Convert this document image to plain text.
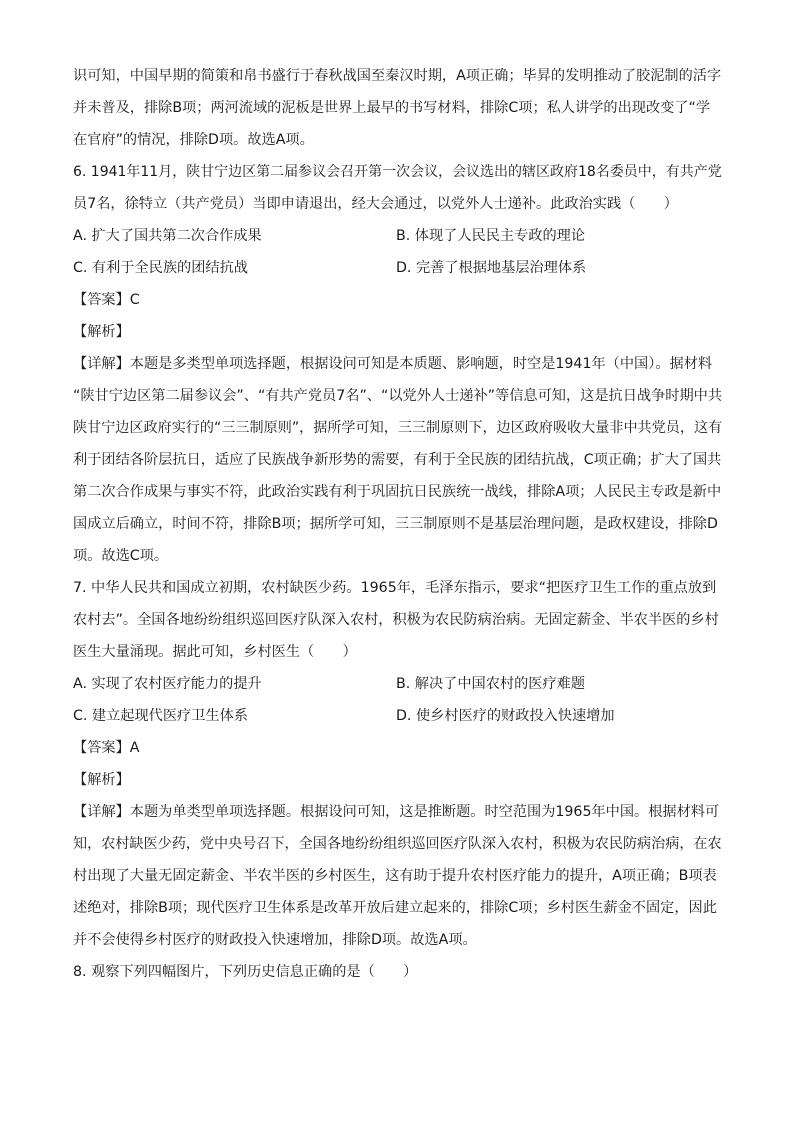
识可知，中国早期的简策和帛书盛行于春秋战国至秦汉时期，A项正确；毕昇的发明推动了胶泥制的活字
并未普及，排除B项；两河流域的泥板是世界上最早的书写材料，排除C项；私人讲学的出现改变了“学
在官府”的情况，排除D项。故选A项。
6. 1941年11月，陕甘宁边区第二届参议会召开第一次会议，会议选出的辖区政府18名委员中，有共产党
员7名，徐特立（共产党员）当即申请退出，经大会通过，以党外人士递补。此政治实践（　　）
A. 扩大了国共第二次合作成果	B. 体现了人民民主专政的理论
C. 有利于全民族的团结抗战	D. 完善了根据地基层治理体系
【答案】C
【解析】
【详解】本题是多类型单项选择题，根据设问可知是本质题、影响题，时空是1941年（中国）。据材料
“陕甘宁边区第二届参议会”、“有共产党员7名”、“以党外人士递补”等信息可知，这是抗日战争时期中共
陕甘宁边区政府实行的“三三制原则”，据所学可知，三三制原则下，边区政府吸收大量非中共党员，这有
利于团结各阶层抗日，适应了民族战争新形势的需要，有利于全民族的团结抗战，C项正确；扩大了国共
第二次合作成果与事实不符，此政治实践有利于巩固抗日民族统一战线，排除A项；人民民主专政是新中
国成立后确立，时间不符，排除B项；据所学可知，三三制原则不是基层治理问题，是政权建设，排除D
项。故选C项。
7. 中华人民共和国成立初期，农村缺医少药。1965年，毛泽东指示，要求“把医疗卫生工作的重点放到
农村去”。全国各地纷纷组织巡回医疗队深入农村，积极为农民防病治病。无固定薪金、半农半医的乡村
医生大量涌现。据此可知，乡村医生（　　）
A. 实现了农村医疗能力的提升	B. 解决了中国农村的医疗难题
C. 建立起现代医疗卫生体系	D. 使乡村医疗的财政投入快速增加
【答案】A
【解析】
【详解】本题为单类型单项选择题。根据设问可知，这是推断题。时空范围为1965年中国。根据材料可
知，农村缺医少药，党中央号召下，全国各地纷纷组织巡回医疗队深入农村，积极为农民防病治病，在农
村出现了大量无固定薪金、半农半医的乡村医生，这有助于提升农村医疗能力的提升，A项正确；B项表
述绝对，排除B项；现代医疗卫生体系是改革开放后建立起来的，排除C项；乡村医生薪金不固定，因此
并不会使得乡村医疗的财政投入快速增加，排除D项。故选A项。
8. 观察下列四幅图片，下列历史信息正确的是（　　）
